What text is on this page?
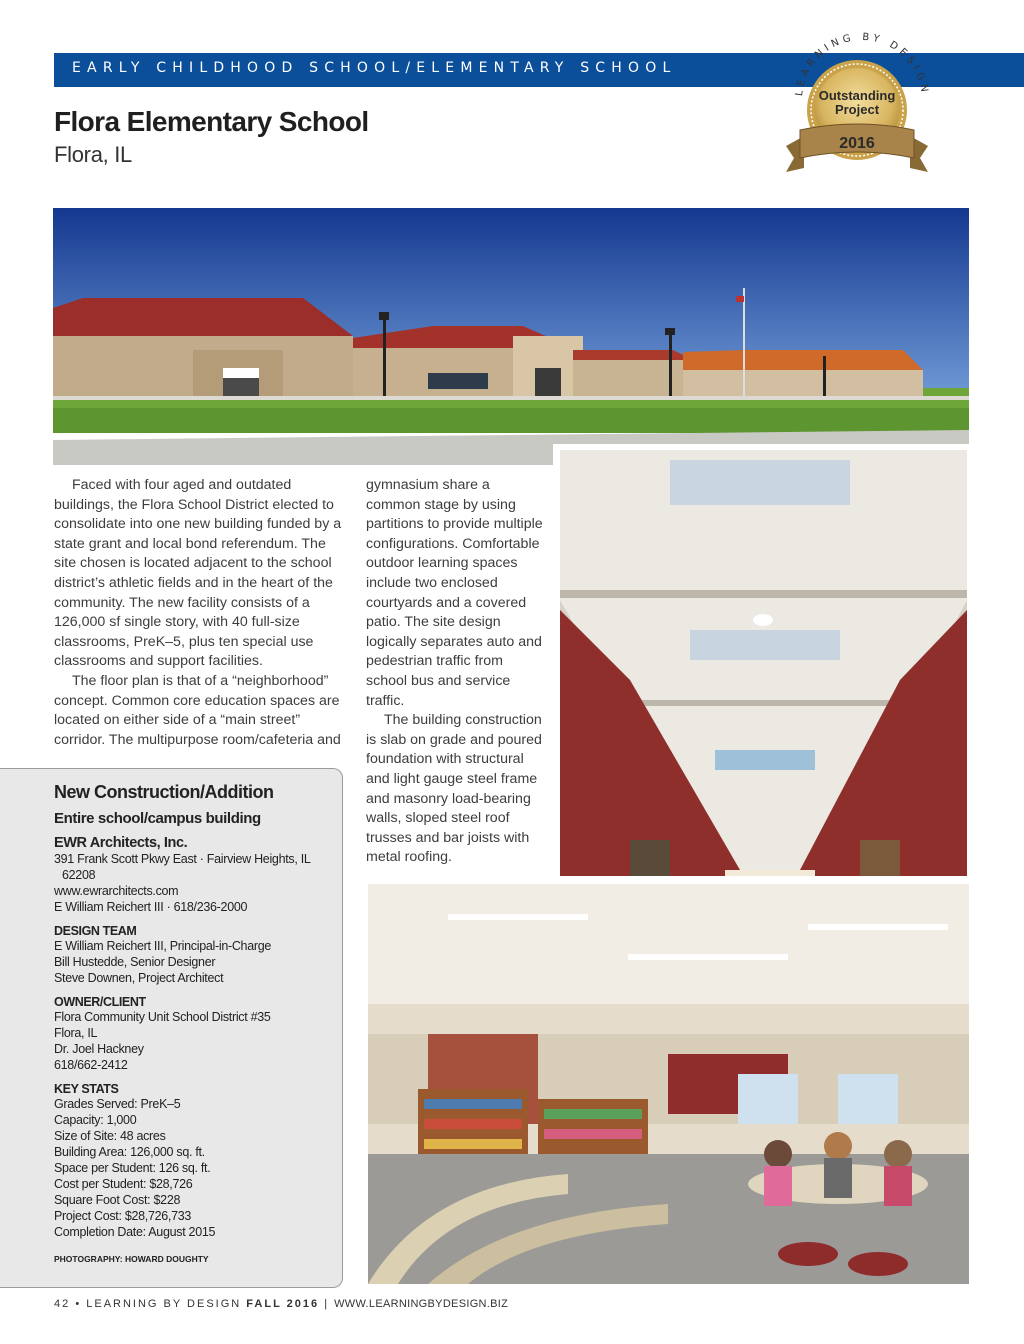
EARLY CHILDHOOD SCHOOL/ELEMENTARY SCHOOL
Flora Elementary School
Flora, IL
LEARNING BY DESIGN
Outstanding
Project
2016

Faced with four aged and outdated buildings, the Flora School District elected to consolidate into one new building funded by a state grant and local bond referendum. The site chosen is located adjacent to the school district’s athletic fields and in the heart of the community. The new facility consists of a 126,000 sf single story, with 40 full-size classrooms, PreK–5, plus ten special use classrooms and support facilities.

The floor plan is that of a “neighborhood” concept. Common core education spaces are located on either side of a “main street” corridor. The multipurpose room/cafeteria and

gymnasium share a common stage by using partitions to provide multiple configurations. Comfortable outdoor learning spaces include two enclosed courtyards and a covered patio. The site design logically separates auto and pedestrian traffic from school bus and service traffic.

The building construction is slab on grade and poured foundation with structural and light gauge steel frame and masonry load-bearing walls, sloped steel roof trusses and bar joists with metal roofing.

New Construction/Addition
Entire school/campus building
EWR Architects, Inc.
391 Frank Scott Pkwy East · Fairview Heights, IL
62208
www.ewrarchitects.com
E William Reichert III · 618/236-2000
DESIGN TEAM
E William Reichert III, Principal-in-Charge
Bill Hustedde, Senior Designer
Steve Downen, Project Architect
OWNER/CLIENT
Flora Community Unit School District #35
Flora, IL
Dr. Joel Hackney
618/662-2412
KEY STATS
Grades Served: PreK–5
Capacity: 1,000
Size of Site: 48 acres
Building Area: 126,000 sq. ft.
Space per Student: 126 sq. ft.
Cost per Student: $28,726
Square Foot Cost: $228
Project Cost: $28,726,733
Completion Date: August 2015
PHOTOGRAPHY: HOWARD DOUGHTY
42 • LEARNING BY DESIGN FALL 2016 | WWW.LEARNINGBYDESIGN.BIZ
